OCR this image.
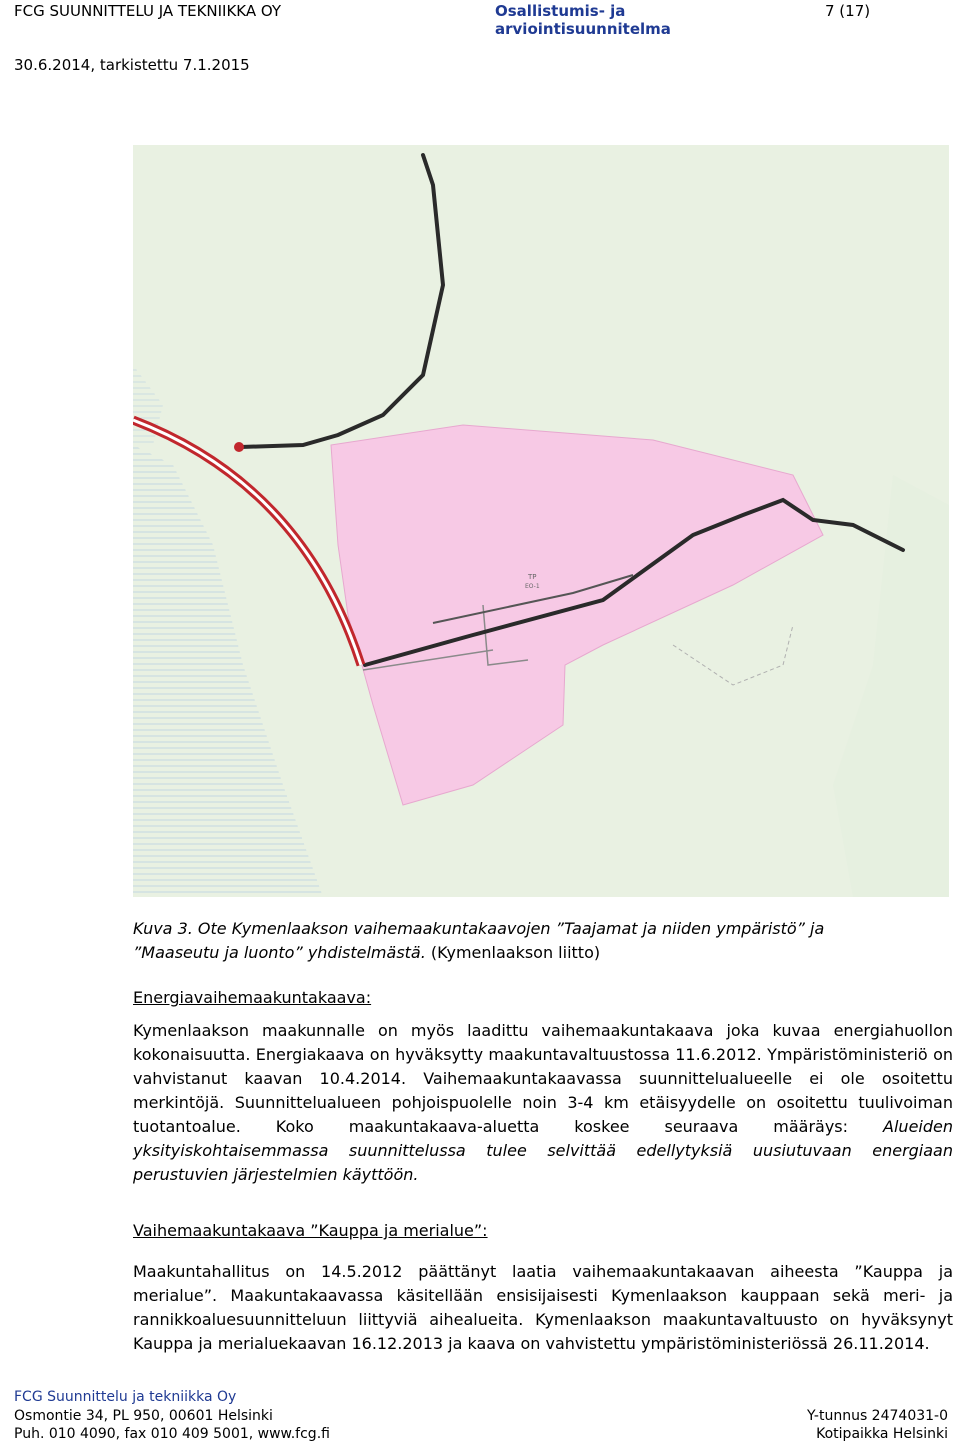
FCG SUUNNITTELU JA TEKNIIKKA OY	Osallistumis- ja
arviointisuunnitelma
7 (17)
30.6.2014, tarkistettu 7.1.2015
TP
EO-1
Kuva 3. Ote Kymenlaakson vaihemaakuntakaavojen ”Taajamat ja niiden ympäristö” ja
”Maaseutu ja luonto” yhdistelmästä. (Kymenlaakson liitto)
Energiavaihemaakuntakaava:
Kymenlaakson maakunnalle on myös laadittu vaihemaakuntakaava joka kuvaa energiahuollon kokonaisuutta. Energiakaava on hyväksytty maakuntavaltuustossa 11.6.2012. Ympäristöministeriö on vahvistanut kaavan 10.4.2014. Vaihemaakuntakaavassa suunnittelualueelle ei ole osoitettu merkintöjä. Suunnittelualueen pohjoispuolelle noin 3-4 km etäisyydelle on osoitettu tuulivoiman tuotantoalue. Koko maakuntakaava-aluetta koskee seuraava määräys: Alueiden yksityiskohtaisemmassa suunnittelussa tulee selvittää edellytyksiä uusiutuvaan energiaan perustuvien järjestelmien käyttöön.
Vaihemaakuntakaava ”Kauppa ja merialue”:
Maakuntahallitus on 14.5.2012 päättänyt laatia vaihemaakuntakaavan aiheesta ”Kauppa ja merialue”. Maakuntakaavassa käsitellään ensisijaisesti Kymenlaakson kauppaan sekä meri- ja rannikkoaluesuunnitteluun liittyviä aihealueita. Kymenlaakson maakuntavaltuusto on hyväksynyt Kauppa ja merialuekaavan 16.12.2013 ja kaava on vahvistettu ympäristöministeriössä 26.11.2014.
FCG Suunnittelu ja tekniikka Oy
Osmontie 34, PL 950, 00601 Helsinki
Puh. 010 4090, fax 010 409 5001, www.fcg.fi
Y-tunnus 2474031-0
Kotipaikka Helsinki
